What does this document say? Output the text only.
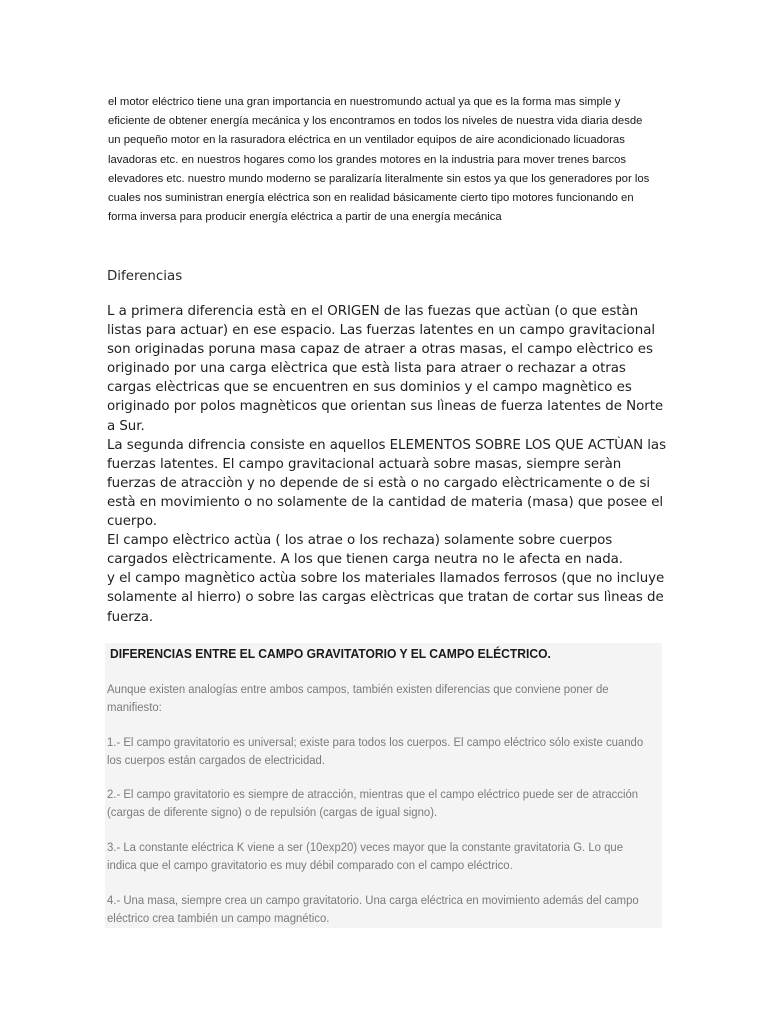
el motor eléctrico tiene una gran importancia en nuestromundo actual ya que es la forma mas simple y eficiente de obtener energía mecánica y los encontramos en todos los niveles de nuestra vida diaria desde un pequeño motor en la rasuradora eléctrica en un ventilador equipos de aire acondicionado licuadoras lavadoras etc. en nuestros hogares como los grandes motores en la industria para mover trenes barcos elevadores etc. nuestro mundo moderno se paralizaría literalmente sin estos ya que los generadores por los cuales nos suministran energía eléctrica son en realidad básicamente cierto tipo motores funcionando en forma inversa para producir energía eléctrica a partir de una energía mecánica

Diferencias

L a primera diferencia està en el ORIGEN de las fuezas que actùan (o que estàn listas para actuar) en ese espacio. Las fuerzas latentes en un campo gravitacional son originadas poruna masa capaz de atraer a otras masas, el campo elèctrico es originado por una carga elèctrica que està lista para atraer o rechazar a otras cargas elèctricas que se encuentren en sus dominios y el campo magnètico es originado por polos magnèticos que orientan sus lìneas de fuerza latentes de Norte a Sur.

La segunda difrencia consiste en aquellos ELEMENTOS SOBRE LOS QUE ACTÙAN las fuerzas latentes. El campo gravitacional actuarà sobre masas, siempre seràn fuerzas de atracciòn y no depende de si està o no cargado elèctricamente o de si està en movimiento o no solamente de la cantidad de materia (masa) que posee el cuerpo.

El campo elèctrico actùa ( los atrae o los rechaza) solamente sobre cuerpos cargados elèctricamente. A los que tienen carga neutra no le afecta en nada.

y el campo magnètico actùa sobre los materiales llamados ferrosos (que no incluye solamente al hierro) o sobre las cargas elèctricas que tratan de cortar sus lìneas de fuerza.

DIFERENCIAS ENTRE EL CAMPO GRAVITATORIO Y EL CAMPO ELÉCTRICO.

Aunque existen analogías entre ambos campos, también existen diferencias que conviene poner de manifiesto:

1.- El campo gravitatorio es universal; existe para todos los cuerpos. El campo eléctrico sólo existe cuando los cuerpos están cargados de electricidad.

2.- El campo gravitatorio es siempre de atracción, mientras que el campo eléctrico puede ser de atracción (cargas de diferente signo) o de repulsión (cargas de igual signo).

3.- La constante eléctrica K viene a ser (10exp20) veces mayor que la constante gravitatoria G. Lo que indica que el campo gravitatorio es muy débil comparado con el campo eléctrico.

4.- Una masa, siempre crea un campo gravitatorio. Una carga eléctrica en movimiento además del campo eléctrico crea también un campo magnético.
